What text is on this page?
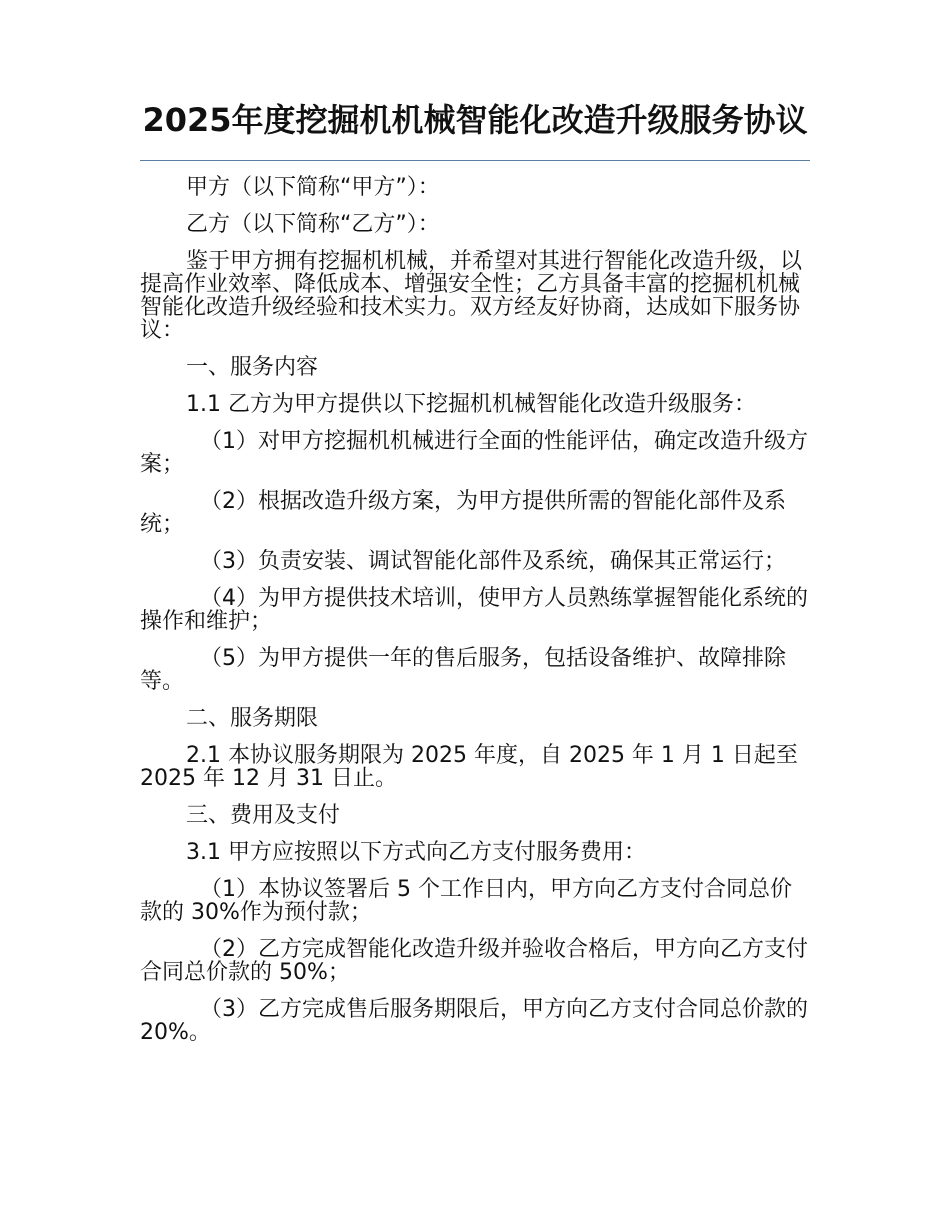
2025年度挖掘机机械智能化改造升级服务协议

甲方（以下简称“甲方”）：

乙方（以下简称“乙方”）：

鉴于甲方拥有挖掘机机械，并希望对其进行智能化改造升级，以提高作业效率、降低成本、增强安全性；乙方具备丰富的挖掘机机械智能化改造升级经验和技术实力。双方经友好协商，达成如下服务协议：

一、服务内容

1.1 乙方为甲方提供以下挖掘机机械智能化改造升级服务：

（1）对甲方挖掘机机械进行全面的性能评估，确定改造升级方案；

（2）根据改造升级方案，为甲方提供所需的智能化部件及系统；

（3）负责安装、调试智能化部件及系统，确保其正常运行；

（4）为甲方提供技术培训，使甲方人员熟练掌握智能化系统的操作和维护；

（5）为甲方提供一年的售后服务，包括设备维护、故障排除等。

二、服务期限

2.1 本协议服务期限为 2025 年度，自 2025 年 1 月 1 日起至 2025 年 12 月 31 日止。

三、费用及支付

3.1 甲方应按照以下方式向乙方支付服务费用：

（1）本协议签署后 5 个工作日内，甲方向乙方支付合同总价款的 30%作为预付款；

（2）乙方完成智能化改造升级并验收合格后，甲方向乙方支付合同总价款的 50%；

（3）乙方完成售后服务期限后，甲方向乙方支付合同总价款的 20%。
